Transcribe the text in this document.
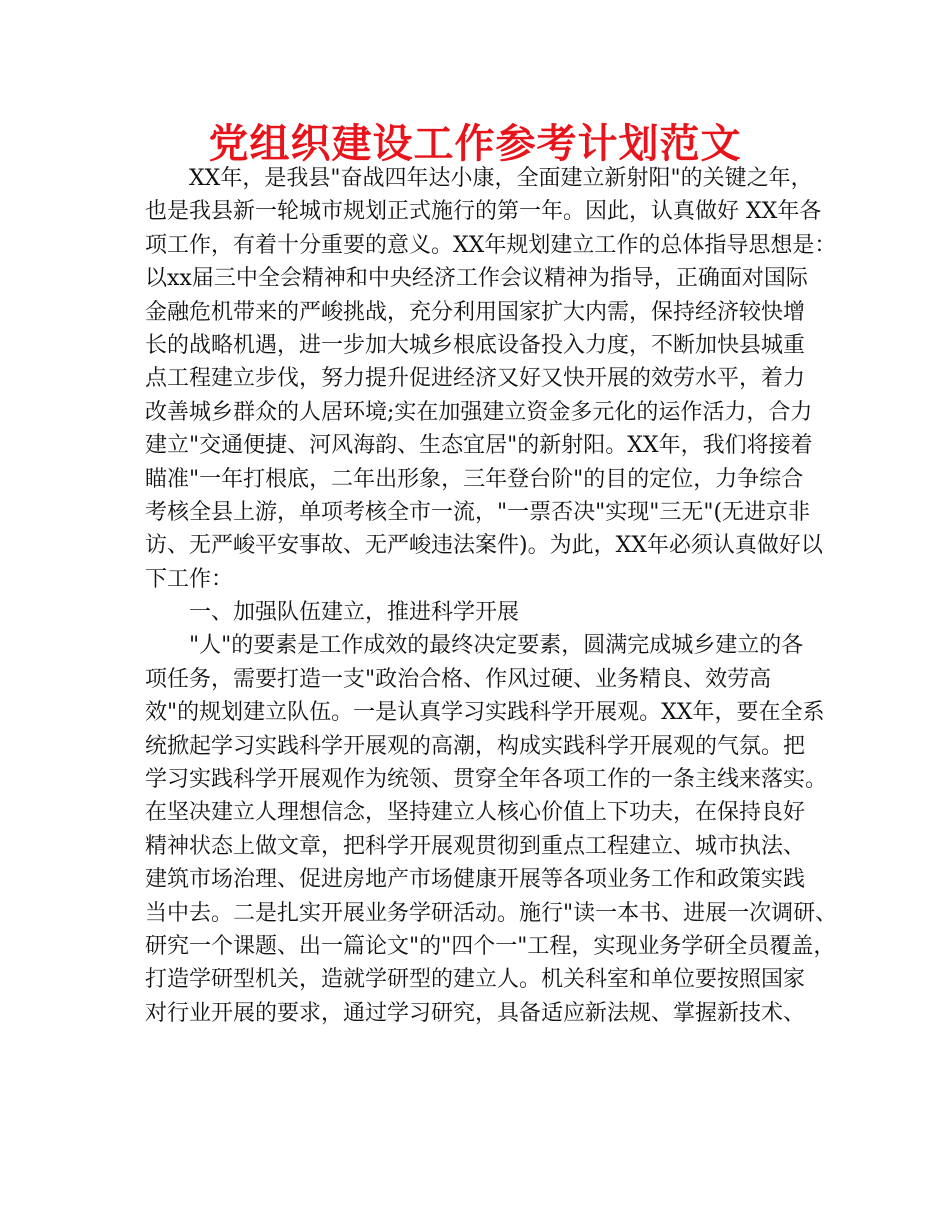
党组织建设工作参考计划范文
XX年，是我县"奋战四年达小康，全面建立新射阳"的关键之年，
也是我县新一轮城市规划正式施行的第一年。因此，认真做好 XX年各
项工作，有着十分重要的意义。XX年规划建立工作的总体指导思想是：
以xx届三中全会精神和中央经济工作会议精神为指导，正确面对国际
金融危机带来的严峻挑战，充分利用国家扩大内需，保持经济较快增
长的战略机遇，进一步加大城乡根底设备投入力度，不断加快县城重
点工程建立步伐，努力提升促进经济又好又快开展的效劳水平，着力
改善城乡群众的人居环境;实在加强建立资金多元化的运作活力，合力
建立"交通便捷、河风海韵、生态宜居"的新射阳。XX年，我们将接着
瞄准"一年打根底，二年出形象，三年登台阶"的目的定位，力争综合
考核全县上游，单项考核全市一流，"一票否决"实现"三无"(无进京非
访、无严峻平安事故、无严峻违法案件)。为此，XX年必须认真做好以
下工作：
一、加强队伍建立，推进科学开展
"人"的要素是工作成效的最终决定要素，圆满完成城乡建立的各
项任务，需要打造一支"政治合格、作风过硬、业务精良、效劳高
效"的规划建立队伍。一是认真学习实践科学开展观。XX年，要在全系
统掀起学习实践科学开展观的高潮，构成实践科学开展观的气氛。把
学习实践科学开展观作为统领、贯穿全年各项工作的一条主线来落实。
在坚决建立人理想信念，坚持建立人核心价值上下功夫，在保持良好
精神状态上做文章，把科学开展观贯彻到重点工程建立、城市执法、
建筑市场治理、促进房地产市场健康开展等各项业务工作和政策实践
当中去。二是扎实开展业务学研活动。施行"读一本书、进展一次调研、
研究一个课题、出一篇论文"的"四个一"工程，实现业务学研全员覆盖，
打造学研型机关，造就学研型的建立人。机关科室和单位要按照国家
对行业开展的要求，通过学习研究，具备适应新法规、掌握新技术、
